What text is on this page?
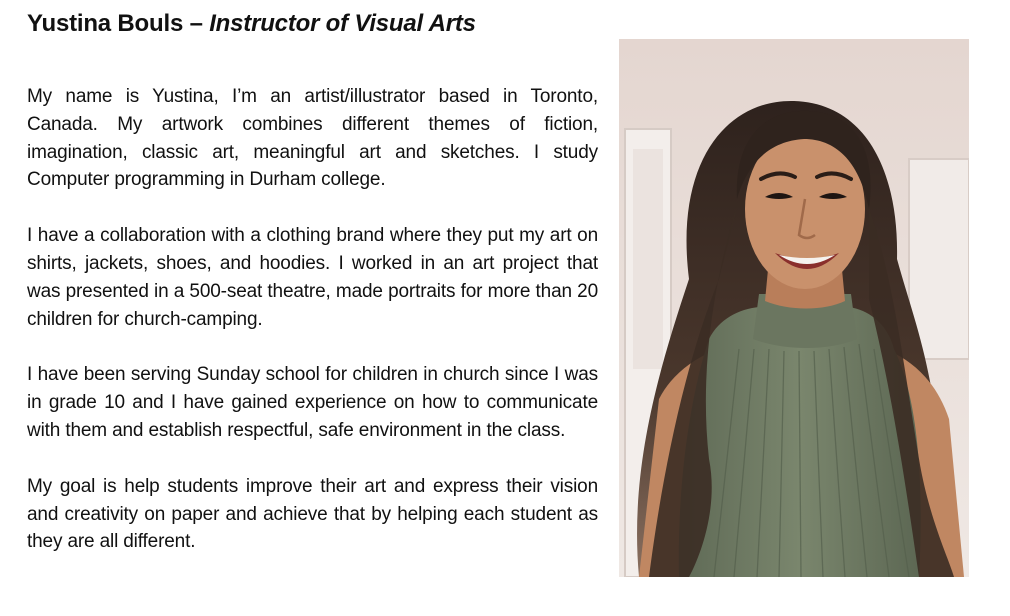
Yustina Bouls – Instructor of Visual Arts

My name is Yustina, I’m an artist/illustrator based in Toronto, Canada. My artwork combines different themes of fiction, imagination, classic art, meaningful art and sketches. I study Computer programming in Durham college.

I have a collaboration with a clothing brand where they put my art on shirts, jackets, shoes, and hoodies. I worked in an art project that was presented in a 500-seat theatre, made portraits for more than 20 children for church-camping.

I have been serving Sunday school for children in church since I was in grade 10 and I have gained experience on how to communicate with them and establish respectful, safe environment in the class.

My goal is help students improve their art and express their vision and creativity on paper and achieve that by helping each student as they are all different.
